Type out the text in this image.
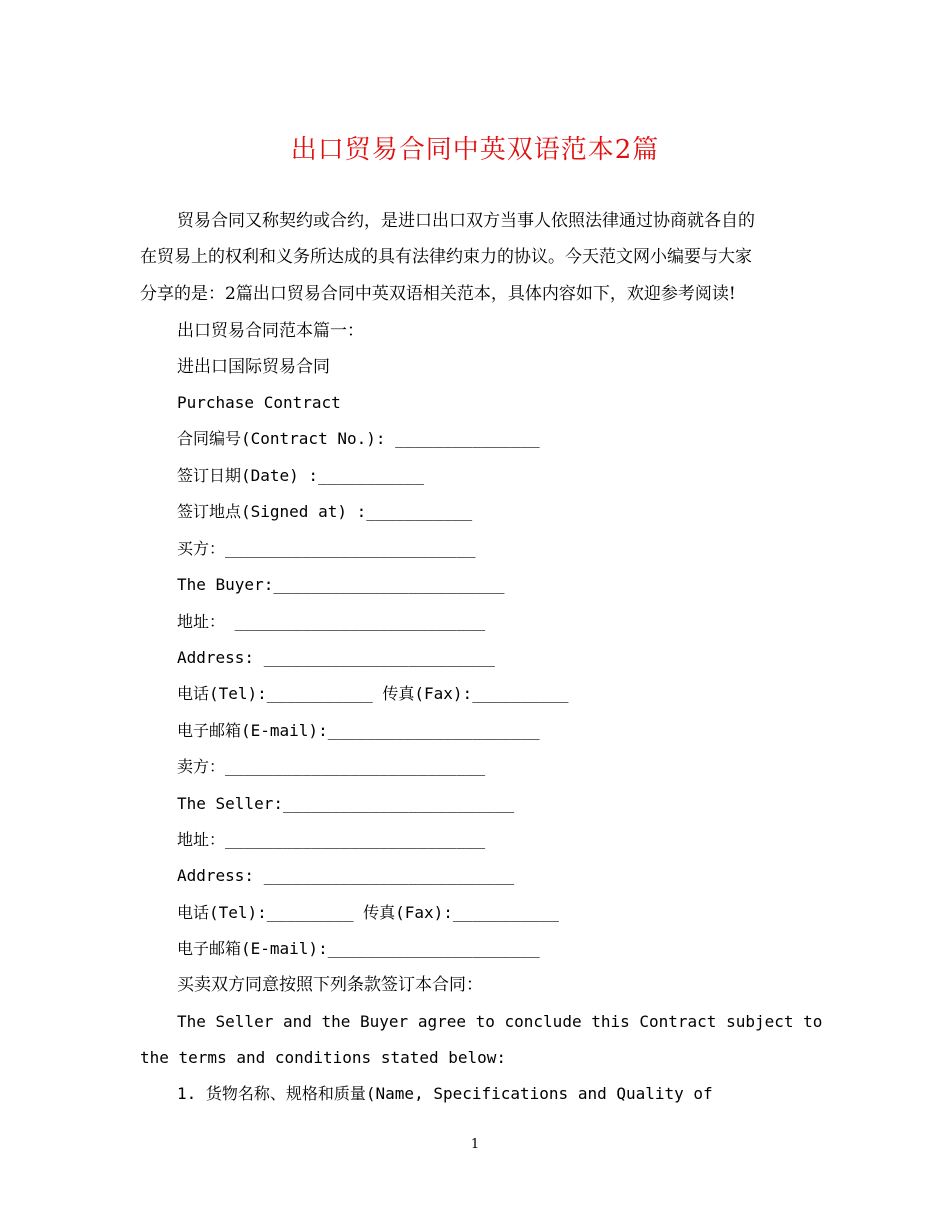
出口贸易合同中英双语范本2篇
贸易合同又称契约或合约，是进口出口双方当事人依照法律通过协商就各自的
在贸易上的权利和义务所达成的具有法律约束力的协议。今天范文网小编要与大家
分享的是：2篇出口贸易合同中英双语相关范本，具体内容如下，欢迎参考阅读!
出口贸易合同范本篇一：
进出口国际贸易合同
Purchase Contract
合同编号(Contract No.): _______________
签订日期(Date) :___________
签订地点(Signed at) :___________
买方：__________________________
The Buyer:________________________
地址： __________________________
Address: ________________________
电话(Tel):___________ 传真(Fax):__________
电子邮箱(E-mail):______________________
卖方：___________________________
The Seller:________________________
地址：___________________________
Address: __________________________
电话(Tel):_________ 传真(Fax):___________
电子邮箱(E-mail):______________________
买卖双方同意按照下列条款签订本合同：
The Seller and the Buyer agree to conclude this Contract subject to
the terms and conditions stated below:
1. 货物名称、规格和质量(Name, Specifications and Quality of
1
